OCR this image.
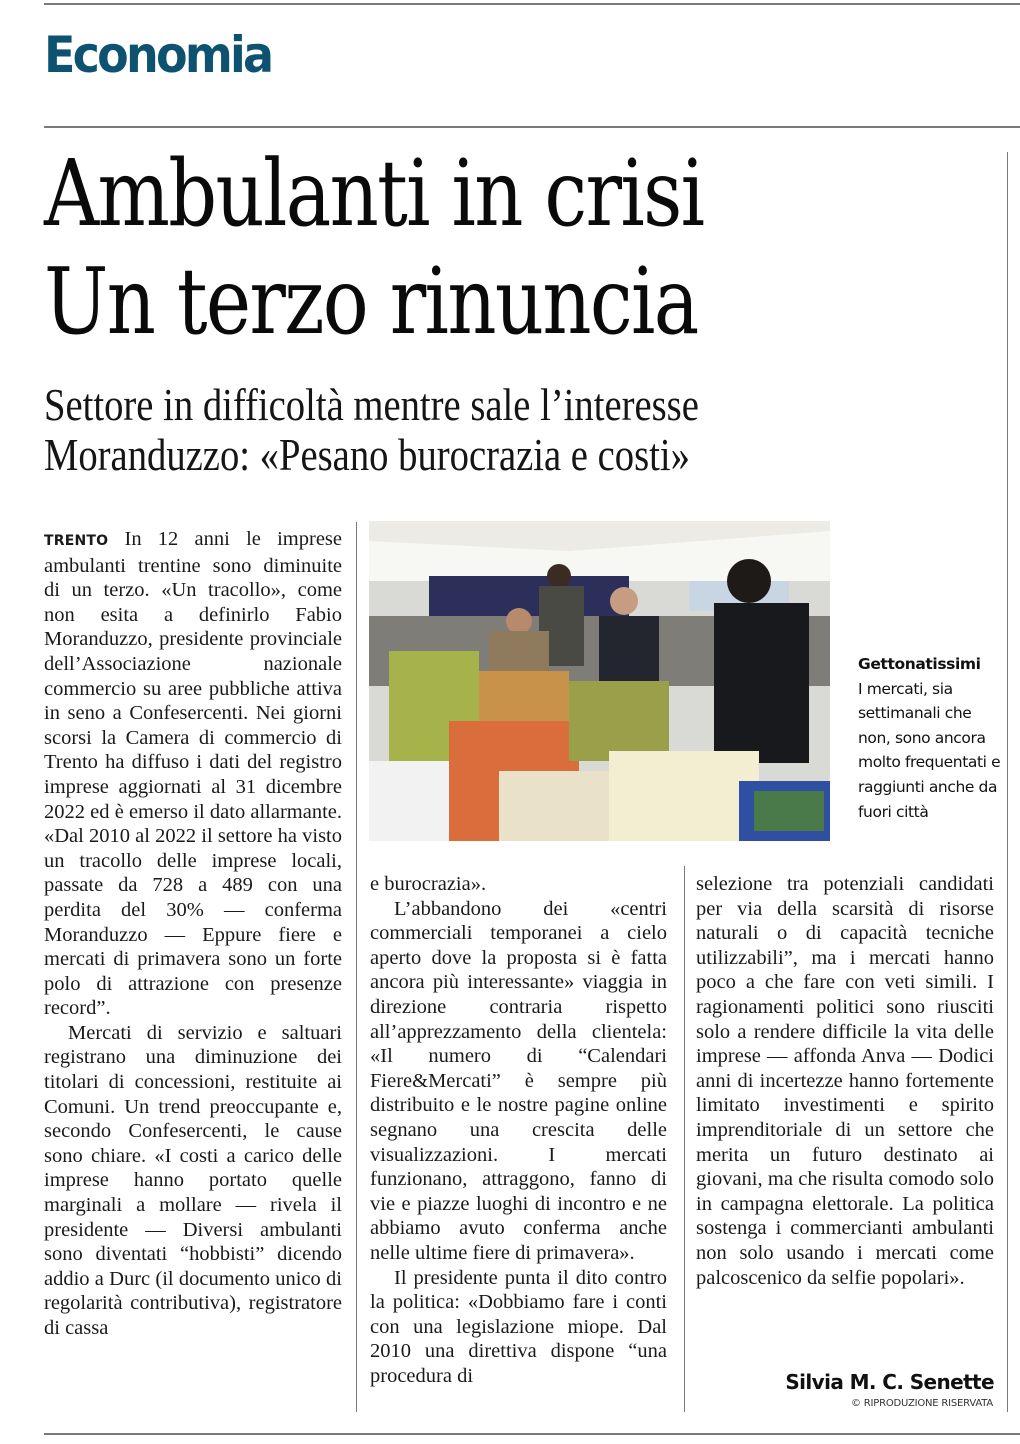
Economia
Ambulanti in crisi
Un terzo rinuncia
Settore in difficoltà mentre sale l’interesse
Moranduzzo: «Pesano burocrazia e costi»

TRENTO In 12 anni le imprese ambulanti trentine sono diminuite di un terzo. «Un tracollo», come non esita a definirlo Fabio Moranduzzo, presidente provinciale dell’Associazione nazionale commercio su aree pubbliche attiva in seno a Confesercenti. Nei giorni scorsi la Camera di commercio di Trento ha diffuso i dati del registro imprese aggiornati al 31 dicembre 2022 ed è emerso il dato allarmante. «Dal 2010 al 2022 il settore ha visto un tracollo delle imprese locali, passate da 728 a 489 con una perdita del 30% — conferma Moranduzzo — Eppure fiere e mercati di primavera sono un forte polo di attrazione con presenze record”.

Mercati di servizio e saltuari registrano una diminuzione dei titolari di concessioni, restituite ai Comuni. Un trend preoccupante e, secondo Confesercenti, le cause sono chiare. «I costi a carico delle imprese hanno portato quelle marginali a mollare — rivela il presidente — Diversi ambulanti sono diventati “hobbisti” dicendo addio a Durc (il documento unico di regolarità contributiva), registratore di cassa

Gettonatissimi
I mercati, sia settimanali che non, sono ancora molto frequentati e raggiunti anche da fuori città

e burocrazia».

L’abbandono dei «centri commerciali temporanei a cielo aperto dove la proposta si è fatta ancora più interessante» viaggia in direzione contraria rispetto all’apprezzamento della clientela: «Il numero di “Calendari Fiere&Mercati” è sempre più distribuito e le nostre pagine online segnano una crescita delle visualizzazioni. I mercati funzionano, attraggono, fanno di vie e piazze luoghi di incontro e ne abbiamo avuto conferma anche nelle ultime fiere di primavera».

Il presidente punta il dito contro la politica: «Dobbiamo fare i conti con una legislazione miope. Dal 2010 una direttiva dispone “una procedura di

selezione tra potenziali candidati per via della scarsità di risorse naturali o di capacità tecniche utilizzabili”, ma i mercati hanno poco a che fare con veti simili. I ragionamenti politici sono riusciti solo a rendere difficile la vita delle imprese — affonda Anva — Dodici anni di incertezze hanno fortemente limitato investimenti e spirito imprenditoriale di un settore che merita un futuro destinato ai giovani, ma che risulta comodo solo in campagna elettorale. La politica sostenga i commercianti ambulanti non solo usando i mercati come palcoscenico da selfie popolari».

Silvia M. C. Senette
© RIPRODUZIONE RISERVATA
